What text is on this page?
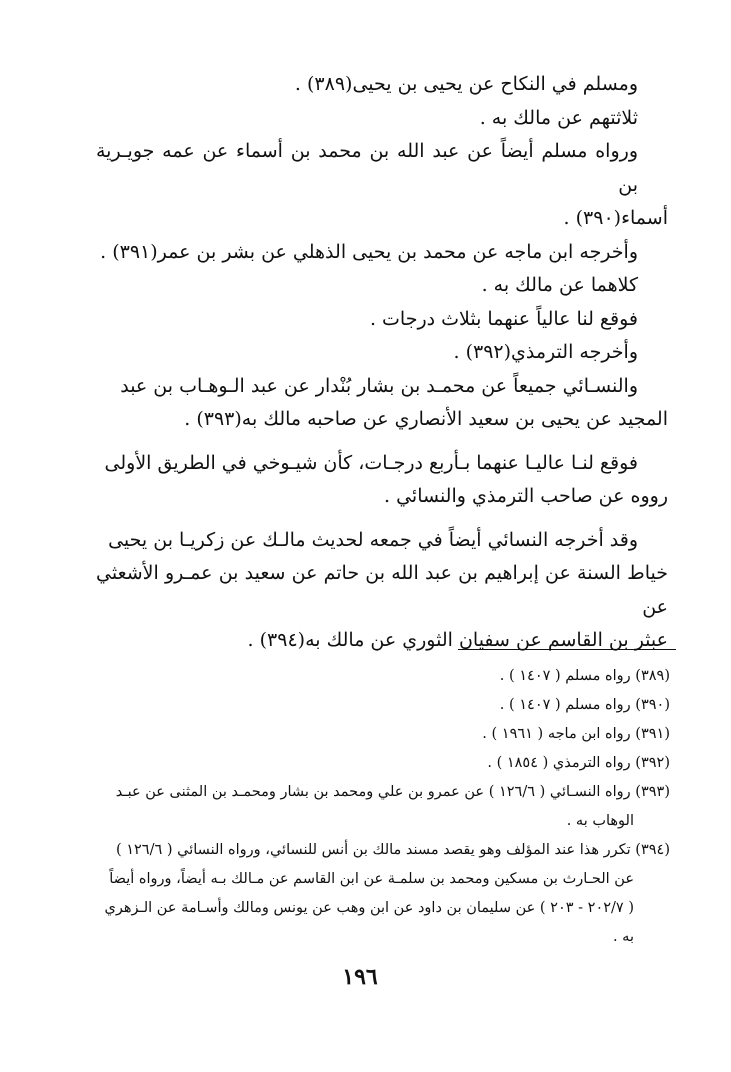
ومسلم في النكاح عن يحيى بن يحيى(٣٨٩) .

ثلاثتهم عن مالك به .

ورواه مسلم أيضاً عن عبد الله بن محمد بن أسماء عن عمه جويـرية بن

أسماء(٣٩٠) .

وأخرجه ابن ماجه عن محمد بن يحيى الذهلي عن بشر بن عمر(٣٩١) .

كلاهما عن مالك به .

فوقع لنا عالياً عنهما بثلاث درجات .

وأخرجه الترمذي(٣٩٢) .

والنسـائي جميعاً عن محمـد بن بشار بُنْدار عن عبد الـوهـاب بن عبد

المجيد عن يحيى بن سعيد الأنصاري عن صاحبه مالك به(٣٩٣) .

فوقع لنـا عاليـا عنهما بـأربع درجـات، كأن شيـوخي في الطريق الأولى

رووه عن صاحب الترمذي والنسائي .

وقد أخرجه النسائي أيضاً في جمعه لحديث مالـك عن زكريـا بن يحيى

خياط السنة عن إبراهيم بن عبد الله بن حاتم عن سعيد بن عمـرو الأشعثي عن

عبثر بن القاسم عن سفيان الثوري عن مالك به(٣٩٤) .

(٣٨٩) رواه مسلم ( ١٤٠٧ ) .

(٣٩٠) رواه مسلم ( ١٤٠٧ ) .

(٣٩١) رواه ابن ماجه ( ١٩٦١ ) .

(٣٩٢) رواه الترمذي ( ١٨٥٤ ) .

(٣٩٣) رواه النسـائي ( ١٢٦/٦ ) عن عمرو بن علي ومحمد بن بشار ومحمـد بن المثنى عن عبـد

الوهاب به .

(٣٩٤) تكرر هذا عند المؤلف وهو يقصد مسند مالك بن أنس للنسائي، ورواه النسائي ( ١٢٦/٦ )

عن الحـارث بن مسكين ومحمد بن سلمـة عن ابن القاسم عن مـالك بـه أيضاً، ورواه أيضاً

( ٢٠٢/٧ - ٢٠٣ ) عن سليمان بن داود عن ابن وهب عن يونس ومالك وأسـامة عن الـزهري

به .

١٩٦
